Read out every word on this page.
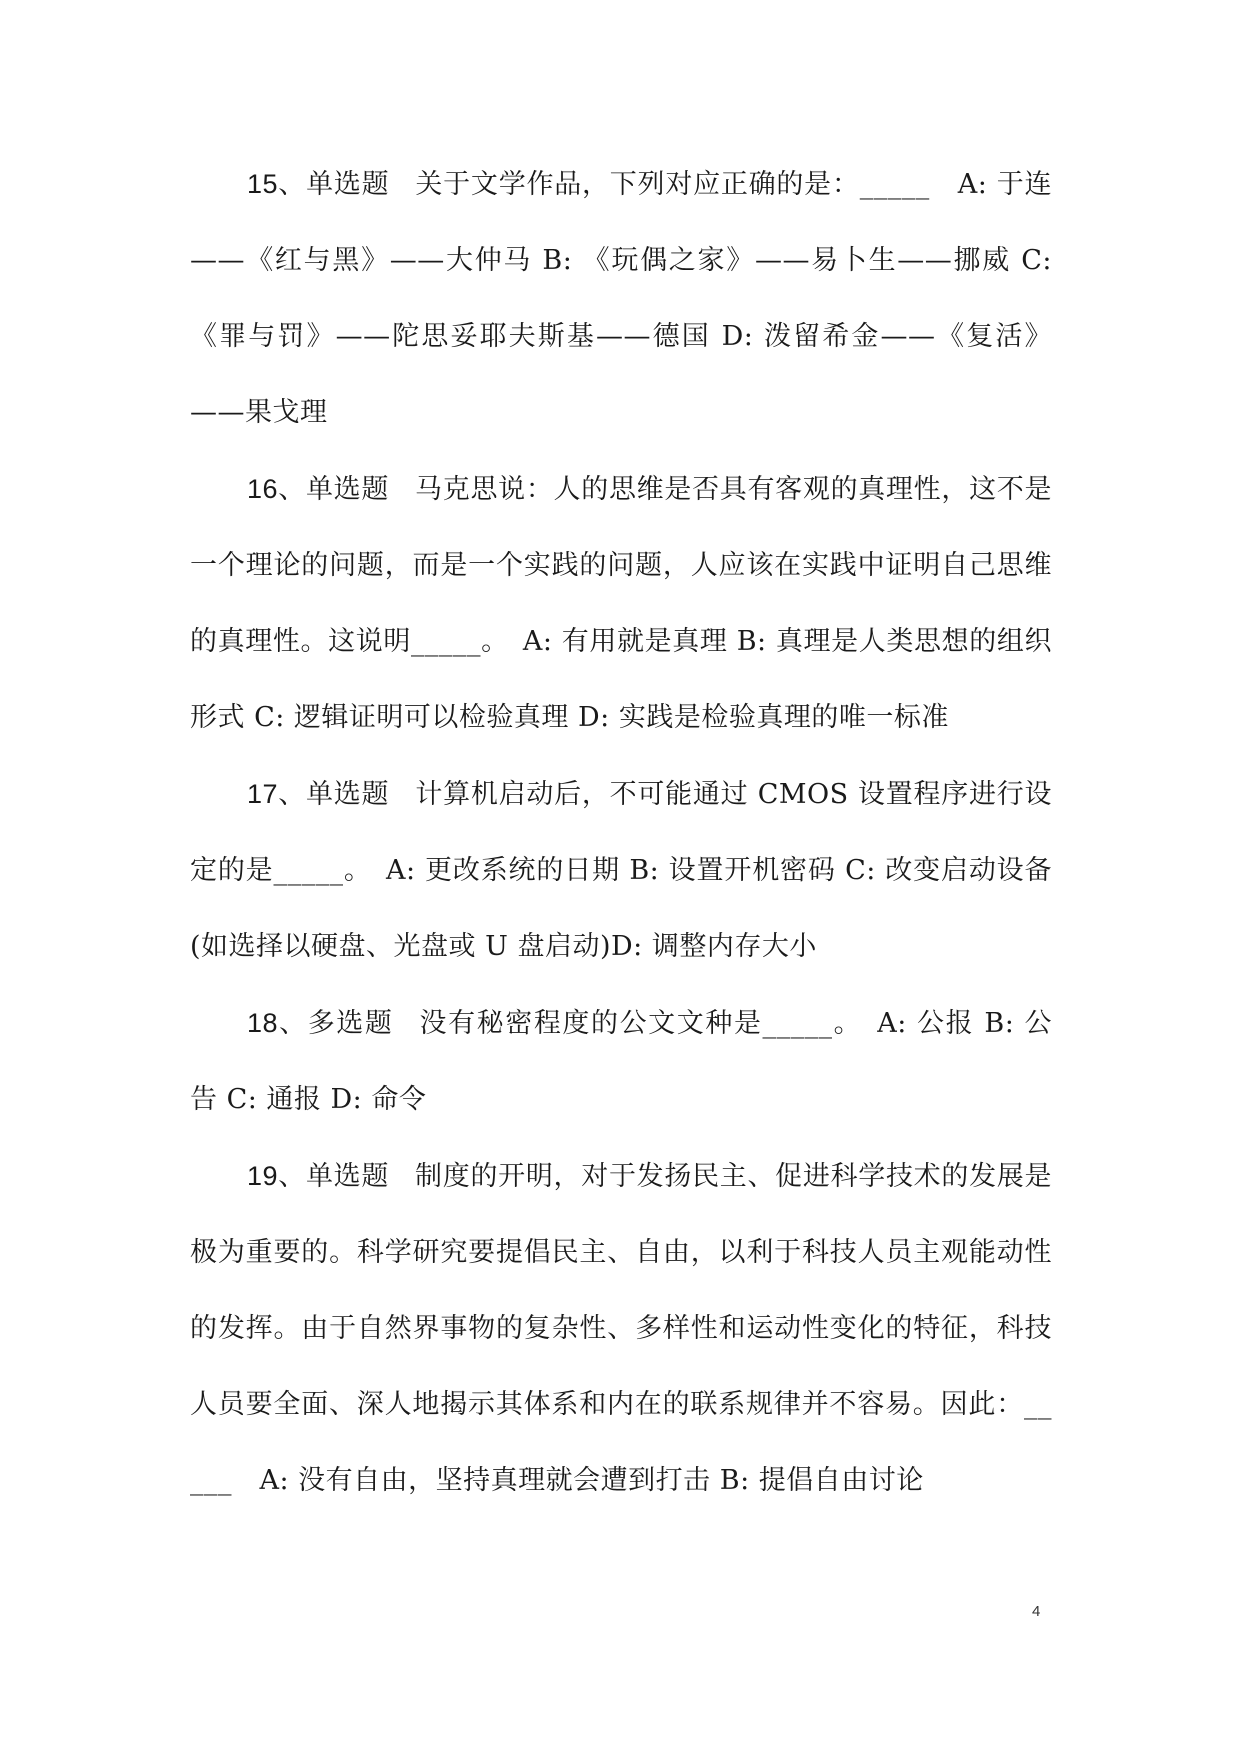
15、单选题 关于文学作品，下列对应正确的是：_____　A: 于连——《红与黑》——大仲马 B: 《玩偶之家》——易卜生——挪威 C: 《罪与罚》——陀思妥耶夫斯基——德国 D: 泼留希金——《复活》——果戈理

16、单选题 马克思说：人的思维是否具有客观的真理性，这不是一个理论的问题，而是一个实践的问题，人应该在实践中证明自己思维的真理性。这说明_____。　A: 有用就是真理 B: 真理是人类思想的组织形式 C: 逻辑证明可以检验真理 D: 实践是检验真理的唯一标准

17、单选题 计算机启动后，不可能通过 CMOS 设置程序进行设定的是_____。　A: 更改系统的日期 B: 设置开机密码 C: 改变启动设备(如选择以硬盘、光盘或 U 盘启动)D: 调整内存大小

18、多选题 没有秘密程度的公文文种是_____。　A: 公报 B: 公告 C: 通报 D: 命令

19、单选题 制度的开明，对于发扬民主、促进科学技术的发展是极为重要的。科学研究要提倡民主、自由，以利于科技人员主观能动性的发挥。由于自然界事物的复杂性、多样性和运动性变化的特征，科技人员要全面、深人地揭示其体系和内在的联系规律并不容易。因此：_____　A: 没有自由，坚持真理就会遭到打击 B: 提倡自由讨论

4
